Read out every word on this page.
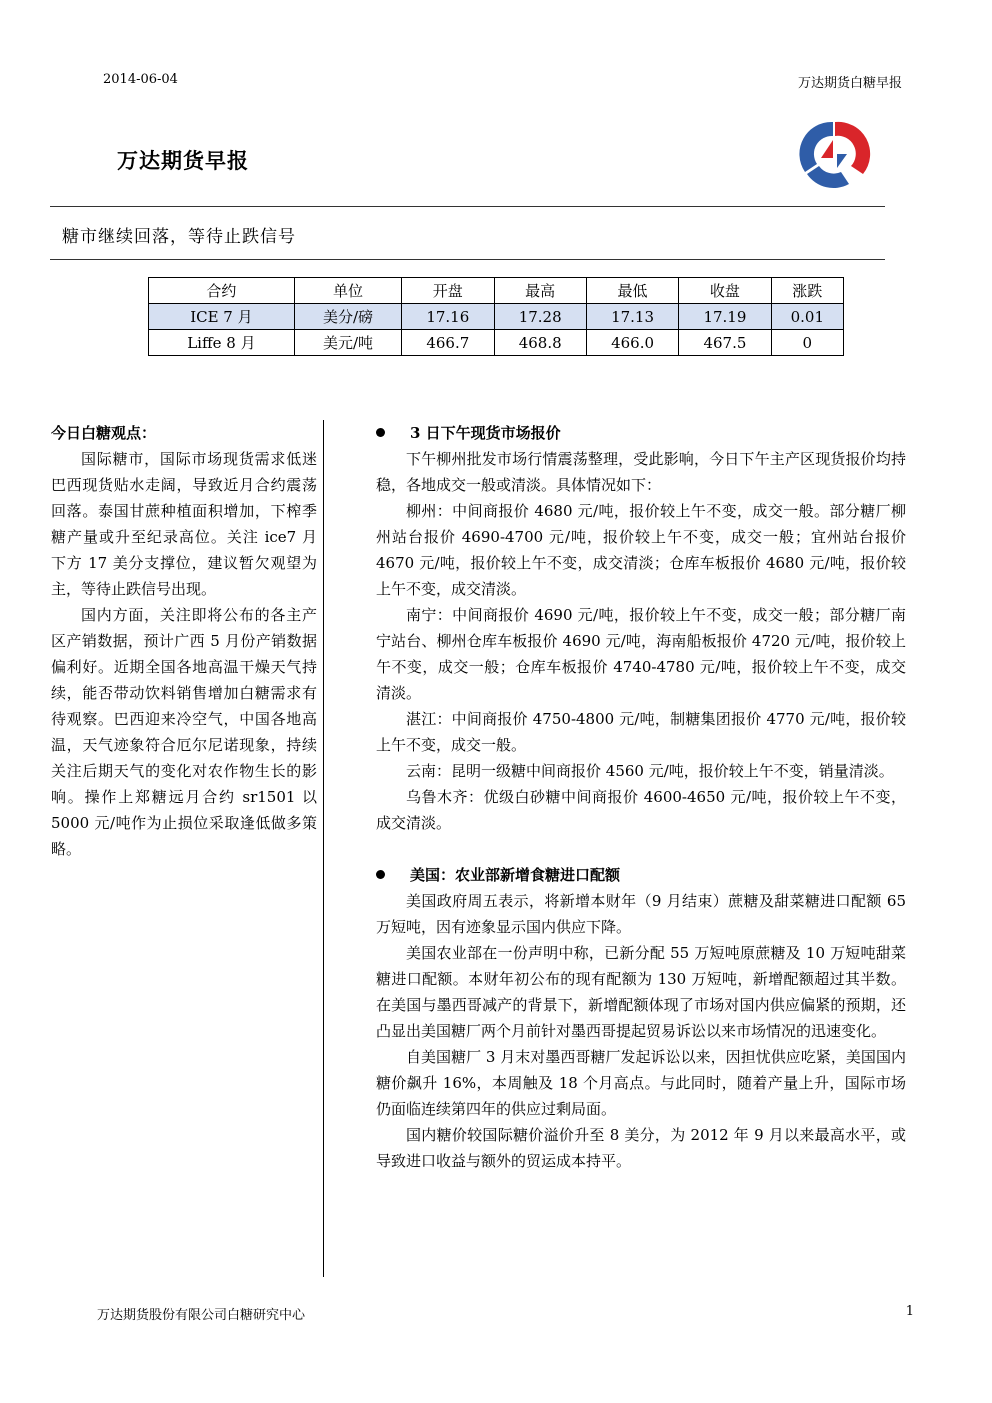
2014-06-04	万达期货白糖早报
万达期货早报
糖市继续回落，等待止跌信号
合约	单位	开盘	最高	最低	收盘	涨跌
ICE 7 月	美分/磅	17.16	17.28	17.13	17.19	0.01
Liffe 8 月	美元/吨	466.7	468.8	466.0	467.5	0
今日白糖观点：

国际糖市，国际市场现货需求低迷巴西现货贴水走阔，导致近月合约震荡回落。泰国甘蔗种植面积增加，下榨季糖产量或升至纪录高位。关注 ice7 月下方 17 美分支撑位，建议暂欠观望为主，等待止跌信号出现。

国内方面，关注即将公布的各主产区产销数据，预计广西 5 月份产销数据偏利好。近期全国各地高温干燥天气持续，能否带动饮料销售增加白糖需求有待观察。巴西迎来冷空气，中国各地高温，天气迹象符合厄尔尼诺现象，持续关注后期天气的变化对农作物生长的影响。操作上郑糖远月合约 sr1501 以 5000 元/吨作为止损位采取逢低做多策略。

3 日下午现货市场报价

下午柳州批发市场行情震荡整理，受此影响，今日下午主产区现货报价均持稳，各地成交一般或清淡。具体情况如下：

柳州：中间商报价 4680 元/吨，报价较上午不变，成交一般。部分糖厂柳州站台报价 4690-4700 元/吨，报价较上午不变，成交一般；宜州站台报价 4670 元/吨，报价较上午不变，成交清淡；仓库车板报价 4680 元/吨，报价较上午不变，成交清淡。

南宁：中间商报价 4690 元/吨，报价较上午不变，成交一般；部分糖厂南宁站台、柳州仓库车板报价 4690 元/吨，海南船板报价 4720 元/吨，报价较上午不变，成交一般；仓库车板报价 4740-4780 元/吨，报价较上午不变，成交清淡。

湛江：中间商报价 4750-4800 元/吨，制糖集团报价 4770 元/吨，报价较上午不变，成交一般。

云南：昆明一级糖中间商报价 4560 元/吨，报价较上午不变，销量清淡。

乌鲁木齐：优级白砂糖中间商报价 4600-4650 元/吨，报价较上午不变，成交清淡。

美国：农业部新增食糖进口配额

美国政府周五表示，将新增本财年（9 月结束）蔗糖及甜菜糖进口配额 65 万短吨，因有迹象显示国内供应下降。

美国农业部在一份声明中称，已新分配 55 万短吨原蔗糖及 10 万短吨甜菜糖进口配额。本财年初公布的现有配额为 130 万短吨，新增配额超过其半数。在美国与墨西哥减产的背景下，新增配额体现了市场对国内供应偏紧的预期，还凸显出美国糖厂两个月前针对墨西哥提起贸易诉讼以来市场情况的迅速变化。

自美国糖厂 3 月末对墨西哥糖厂发起诉讼以来，因担忧供应吃紧，美国国内糖价飙升 16%，本周触及 18 个月高点。与此同时，随着产量上升，国际市场仍面临连续第四年的供应过剩局面。

国内糖价较国际糖价溢价升至 8 美分，为 2012 年 9 月以来最高水平，或导致进口收益与额外的贸运成本持平。

万达期货股份有限公司白糖研究中心	1
